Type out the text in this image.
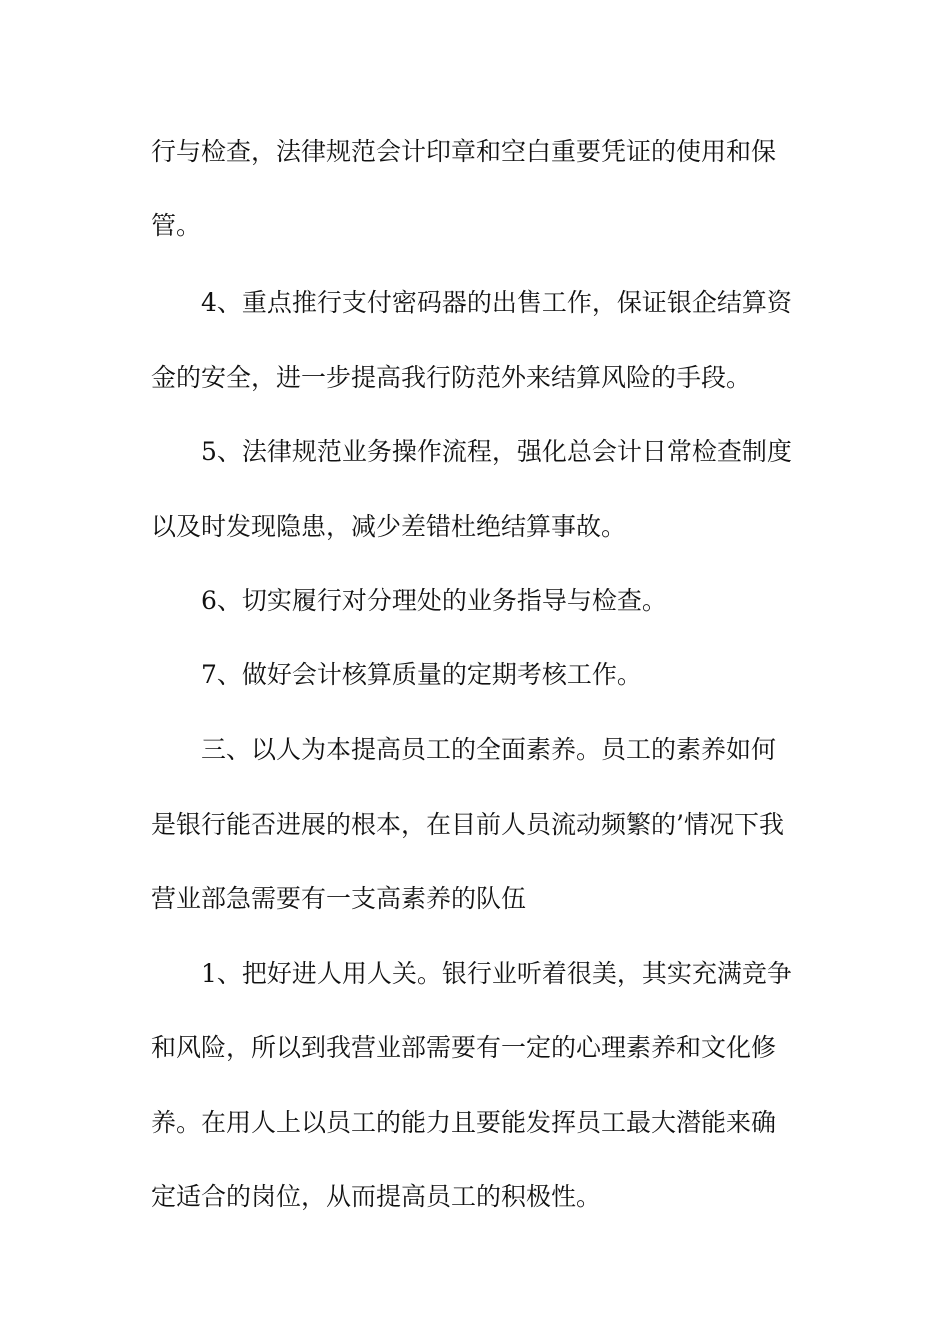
行与检查，法律规范会计印章和空白重要凭证的使用和保
管。
4、重点推行支付密码器的出售工作，保证银企结算资
金的安全，进一步提高我行防范外来结算风险的手段。
5、法律规范业务操作流程，强化总会计日常检查制度
以及时发现隐患，减少差错杜绝结算事故。
6、切实履行对分理处的业务指导与检查。
7、做好会计核算质量的定期考核工作。
三、以人为本提高员工的全面素养。员工的素养如何
是银行能否进展的根本，在目前人员流动频繁的’情况下我
营业部急需要有一支高素养的队伍
1、把好进人用人关。银行业听着很美，其实充满竞争
和风险，所以到我营业部需要有一定的心理素养和文化修
养。在用人上以员工的能力且要能发挥员工最大潜能来确
定适合的岗位，从而提高员工的积极性。
